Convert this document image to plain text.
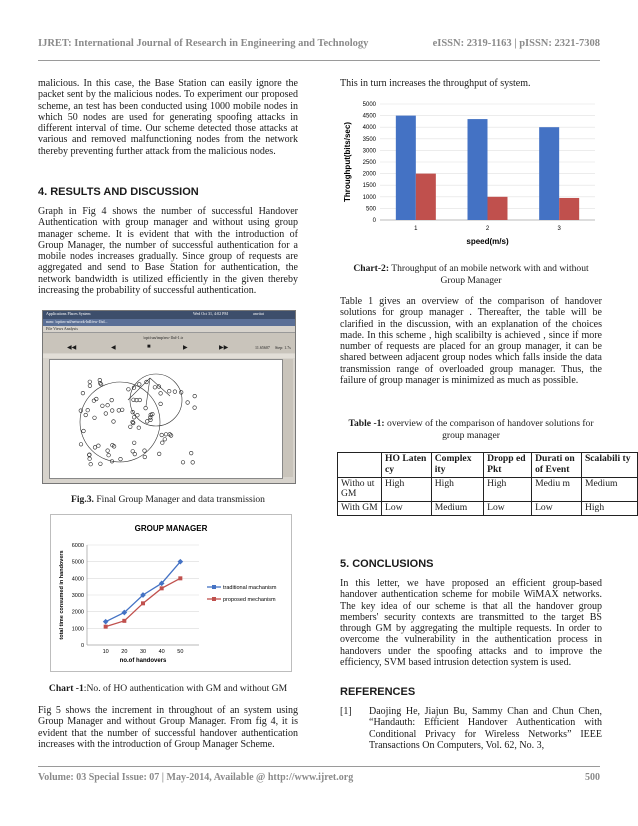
IJRET: International Journal of Research in Engineering and Technology	eISSN: 2319-1163 | pISSN: 2321-7308
malicious. In this case, the Base Station can easily ignore the packet sent by the malicious nodes. To experiment our proposed scheme, an test has been conducted using 1000 mobile nodes in which 50 nodes are used for generating spoofing attacks in different interval of time. Our scheme detected those attacks at various and removed malfunctioning nodes from the network thereby preventing further attack from the malicious nodes.
4. RESULTS AND DISCUSSION
Graph in Fig 4 shows the number of successful Handover Authentication with group manager and without using group manager scheme. It is evident that with the introduction of Group Manager, the number of successful authentication for a mobile nodes increases gradually. Since group of requests are aggregated and send to Base Station for authentication, the network bandwidth is utilized efficiently in the given thereby increasing the probability of successful authentication.
Applications Places System	Wed Oct 31, 4:02 PM	anvitat
nam: /optim-ad/network-hdl/nw-1hd...
File Views Analysis
/opt/run/tmp/nw-1hd-1.tr
◀◀	◀	■	▶	▶▶	11.65607 Step: 1.7s
Fig.3. Final Group Manager and data transmission
GROUP MANAGER
0
1000
2000
3000
4000
5000
6000
10 20 30 40 50
no.of handovers
total time consumed in handovers	traditional machanism
proposed mechanism
Chart -1:No. of HO authentication with GM and without GM
Fig 5 shows the increment in throughout of an system using Group Manager and without Group Manager. From fig 4, it is evident that the number of successful handover authentication increases with the introduction of Group Manager Scheme.
This in turn increases the throughput of system.
0
500
1000
1500
2000
2500
3000
3500
4000
4500
5000
1	2	3
speed(m/s)
Throughput(bits/sec)
Chart-2: Throughput of an mobile network with and without Group Manager
Table 1 gives an overview of the comparison of handover solutions for group manager . Thereafter, the table will be clarified in the discussion, with an explanation of the choices made. In this scheme , high scalibilty is achieved , since if more number of requests are placed for an group manager, it can be shared between adjacent group nodes which falls inside the data transmission range of overloaded group manager. Thus, the failure of group manager is minimized as much as possible.
Table -1: overview of the comparison of handover solutions for group manager
	HO Laten cy	Complex ity	Dropp ed Pkt	Durati on of Event	Scalabili ty
Witho ut GM	High	High	High	Mediu m	Medium
With GM	Low	Medium	Low	Low	High
5. CONCLUSIONS
In this letter, we have proposed an efficient group-based handover authentication scheme for mobile WiMAX networks. The key idea of our scheme is that all the handover group members' security contexts are transmitted to the target BS through GM by aggregating the multiple requests. In order to overcome the vulnerability in the authentication process in handovers under the spoofing attacks and to improve the efficiency, SVM based intrusion detection system is used.
REFERENCES
[1] Daojing He, Jiajun Bu, Sammy Chan and Chun Chen, “Handauth: Efficient Handover Authentication with Conditional Privacy for Wireless Networks” IEEE Transactions On Computers, Vol. 62, No. 3,
Volume: 03 Special Issue: 07 | May-2014, Available @ http://www.ijret.org	500
